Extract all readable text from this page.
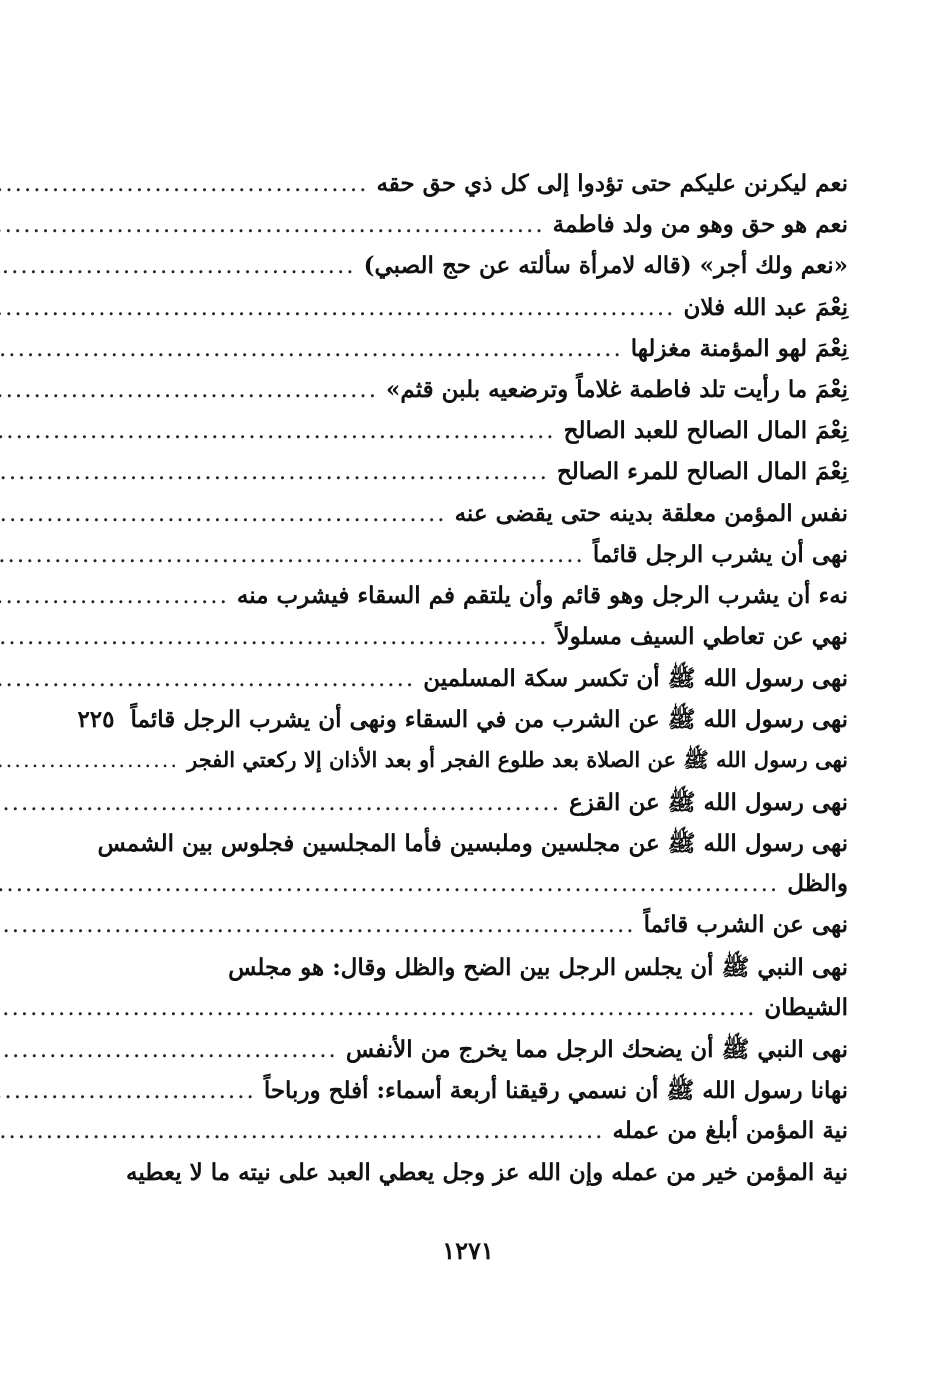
نعم ليكرنن عليكم حتى تؤدوا إلى كل ذي حق حقه
.....
نعم هو حق وهو من ولد فاطمة
.....
«نعم ولك أجر» (قاله لامرأة سألته عن حج الصبي)
.....
نِعْمَ عبد الله فلان
.....
نِعْمَ لهو المؤمنة مغزلها
.....
نِعْمَ ما رأيت تلد فاطمة غلاماً وترضعيه بلبن قثم»
.....
نِعْمَ المال الصالح للعبد الصالح
.....
نِعْمَ المال الصالح للمرء الصالح
.....
نفس المؤمن معلقة بدينه حتى يقضى عنه
.....
نهى أن يشرب الرجل قائماً
.....
نهء أن يشرب الرجل وهو قائم وأن يلتقم فم السقاء فيشرب منه
.....
نهي عن تعاطي السيف مسلولاً
.....
نهى رسول الله ﷺ أن تكسر سكة المسلمين
.....
نهى رسول الله ﷺ عن الشرب من في السقاء ونهى أن يشرب الرجل قائماً
٢٢٥
نهى رسول الله ﷺ عن الصلاة بعد طلوع الفجر أو بعد الأذان إلا ركعتي الفجر
.....
نهى رسول الله ﷺ عن القزع
.....
نهى رسول الله ﷺ عن مجلسين وملبسين فأما المجلسين فجلوس بين الشمس
والظل
.....
نهى عن الشرب قائماً
.....
نهى النبي ﷺ أن يجلس الرجل بين الضح والظل وقال: هو مجلس
الشيطان
.....
نهى النبي ﷺ أن يضحك الرجل مما يخرج من الأنفس
.....
نهانا رسول الله ﷺ أن نسمي رقيقنا أربعة أسماء: أفلح ورباحاً
.....
نية المؤمن أبلغ من عمله
.....
نية المؤمن خير من عمله وإن الله عز وجل يعطي العبد على نيته ما لا يعطيه
١٢٧١
